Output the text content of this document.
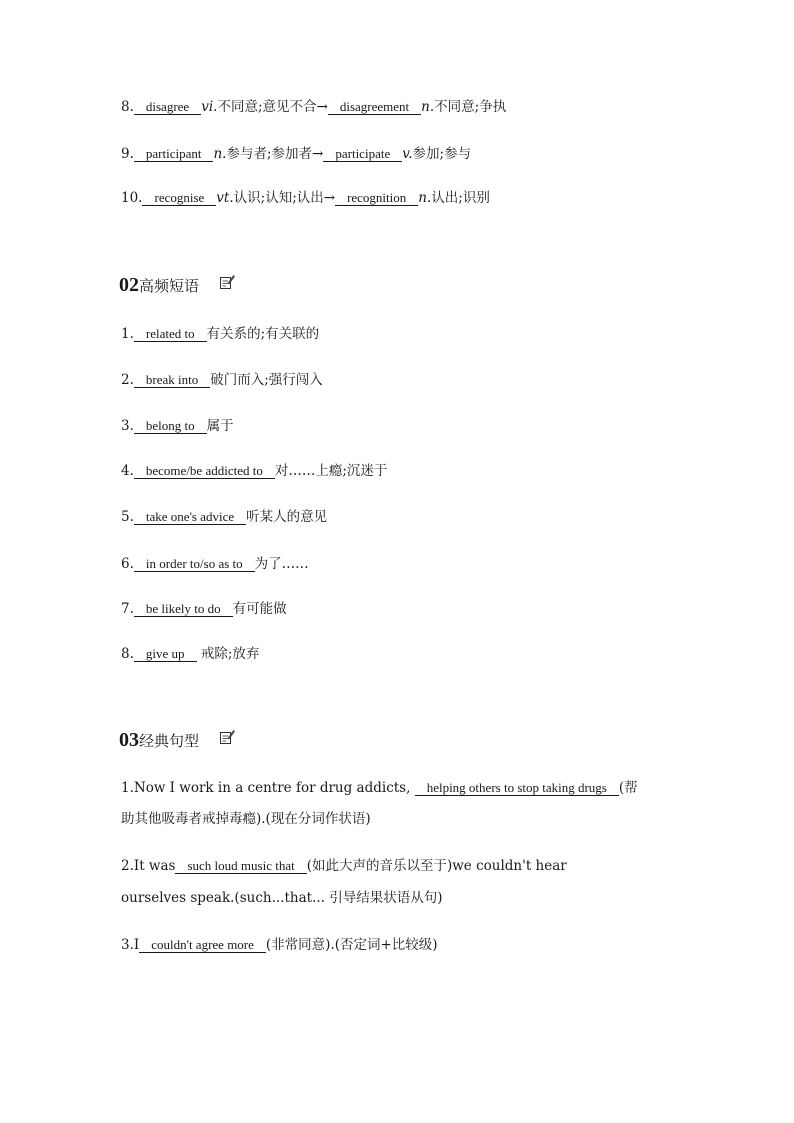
8. disagree vi.不同意;意见不合→ disagreement n.不同意;争执
9. participant n.参与者;参加者→ participate v.参加;参与
10. recognise vt.认识;认知;认出→ recognition n.认出;识别
02高频短语
1. related to 有关系的;有关联的
2. break into 破门而入;强行闯入
3. belong to 属于
4. become/be addicted to 对……上瘾;沉迷于
5. take one's advice 听某人的意见
6. in order to/so as to 为了……
7. be likely to do 有可能做
8. give up 戒除;放弃
03经典句型
1.Now I work in a centre for drug addicts, helping others to stop taking drugs (帮
助其他吸毒者戒掉毒瘾).(现在分词作状语)
2.It was such loud music that (如此大声的音乐以至于)we couldn't hear
ourselves speak.(such...that... 引导结果状语从句)
3.I couldn't agree more (非常同意).(否定词+比较级)
